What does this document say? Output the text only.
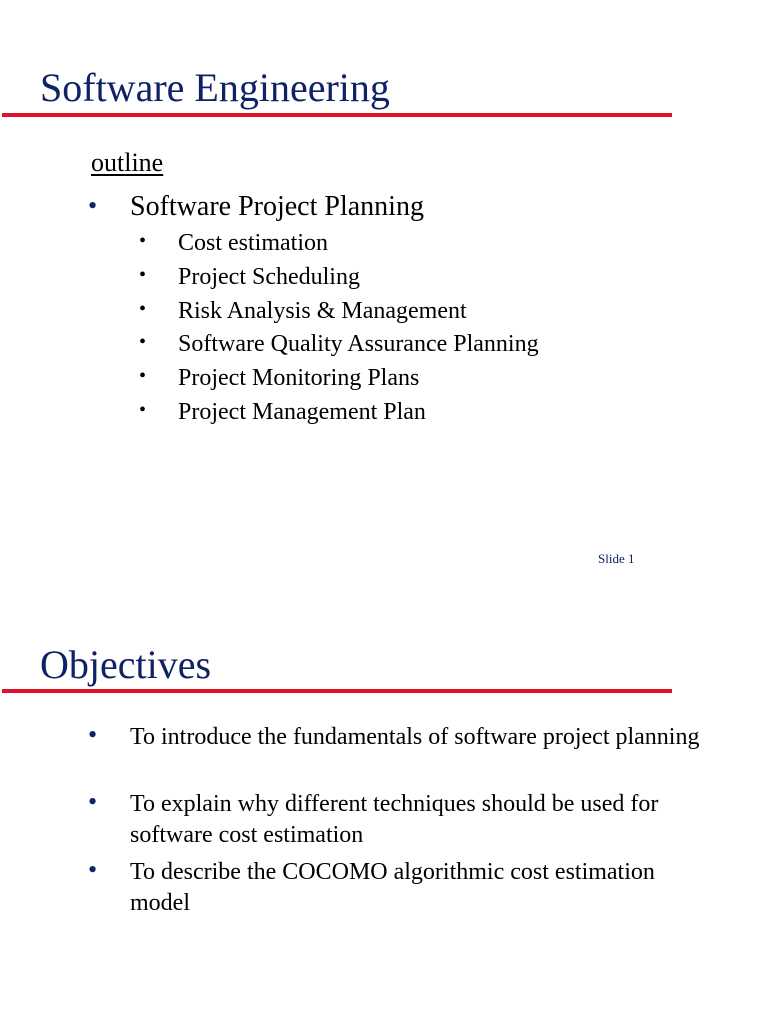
Software Engineering
outline
• Software Project Planning
• Cost estimation
• Project Scheduling
• Risk Analysis & Management
• Software Quality Assurance Planning
• Project Monitoring Plans
• Project Management Plan
Slide 1
Objectives
• To introduce the fundamentals of software project planning
• To explain why different techniques should be used for software cost estimation
• To describe the COCOMO algorithmic cost estimation model
